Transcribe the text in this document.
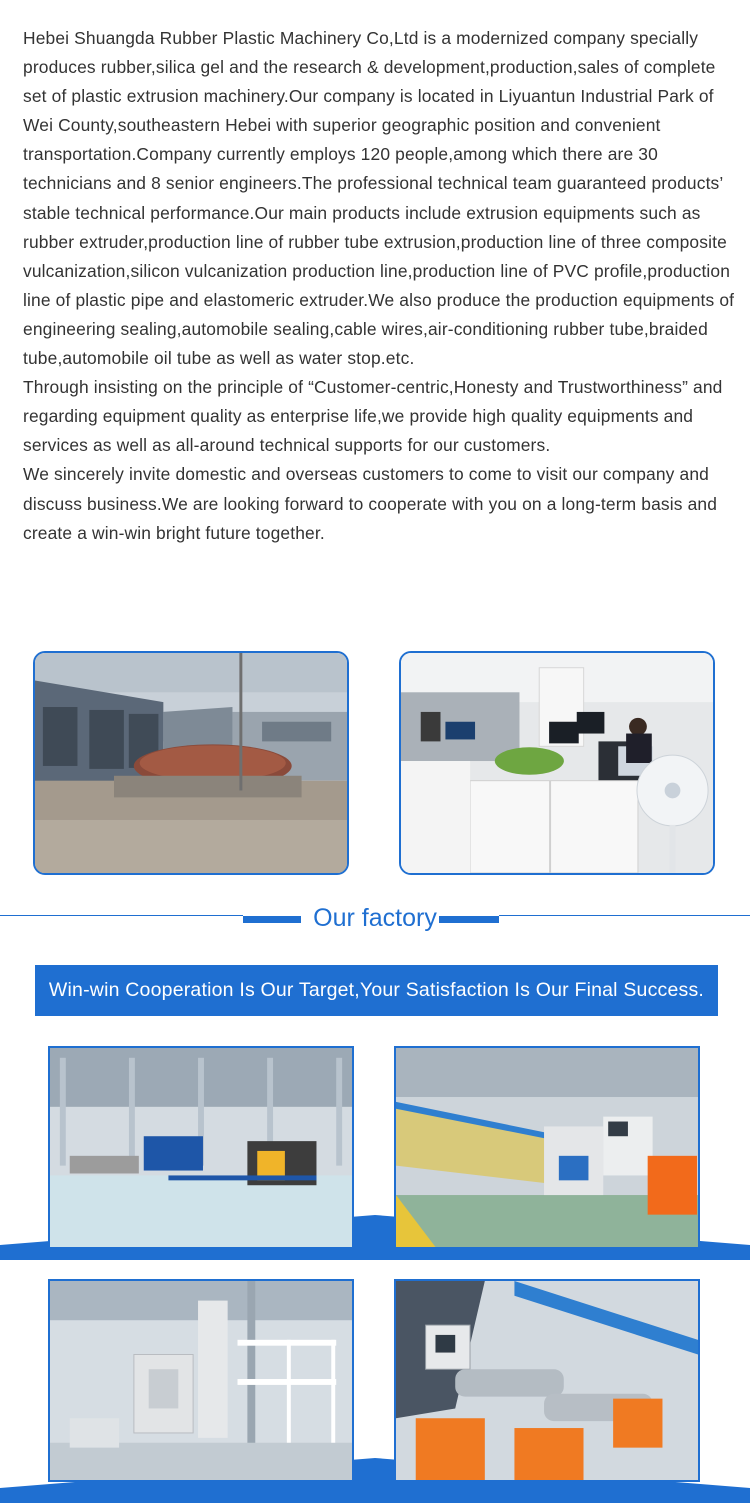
Hebei Shuangda Rubber Plastic Machinery Co,Ltd is a modernized company specially produces rubber,silica gel and the research & development,production,sales of complete set of plastic extrusion machinery.Our company is located in Liyuantun Industrial Park of Wei County,southeastern Hebei with superior geographic position and convenient transportation.Company currently employs 120 people,among which there are 30 technicians and 8 senior engineers.The professional technical team guaranteed products’ stable technical performance.Our main products include extrusion equipments such as rubber extruder,production line of rubber tube extrusion,production line of three composite vulcanization,silicon vulcanization production line,production line of PVC profile,production line of plastic pipe and elastomeric extruder.We also produce the production equipments of engineering sealing,automobile sealing,cable wires,air-conditioning rubber tube,braided tube,automobile oil tube as well as water stop.etc.

Through insisting on the principle of “Customer-centric,Honesty and Trustworthiness” and regarding equipment quality as enterprise life,we provide high quality equipments and services as well as all-around technical supports for our customers.

We sincerely invite domestic and overseas customers to come to visit our company and discuss business.We are looking forward to cooperate with you on a long-term basis and create a win-win bright future together.

Our factory
Win-win Cooperation Is Our Target,Your Satisfaction Is Our Final Success.
